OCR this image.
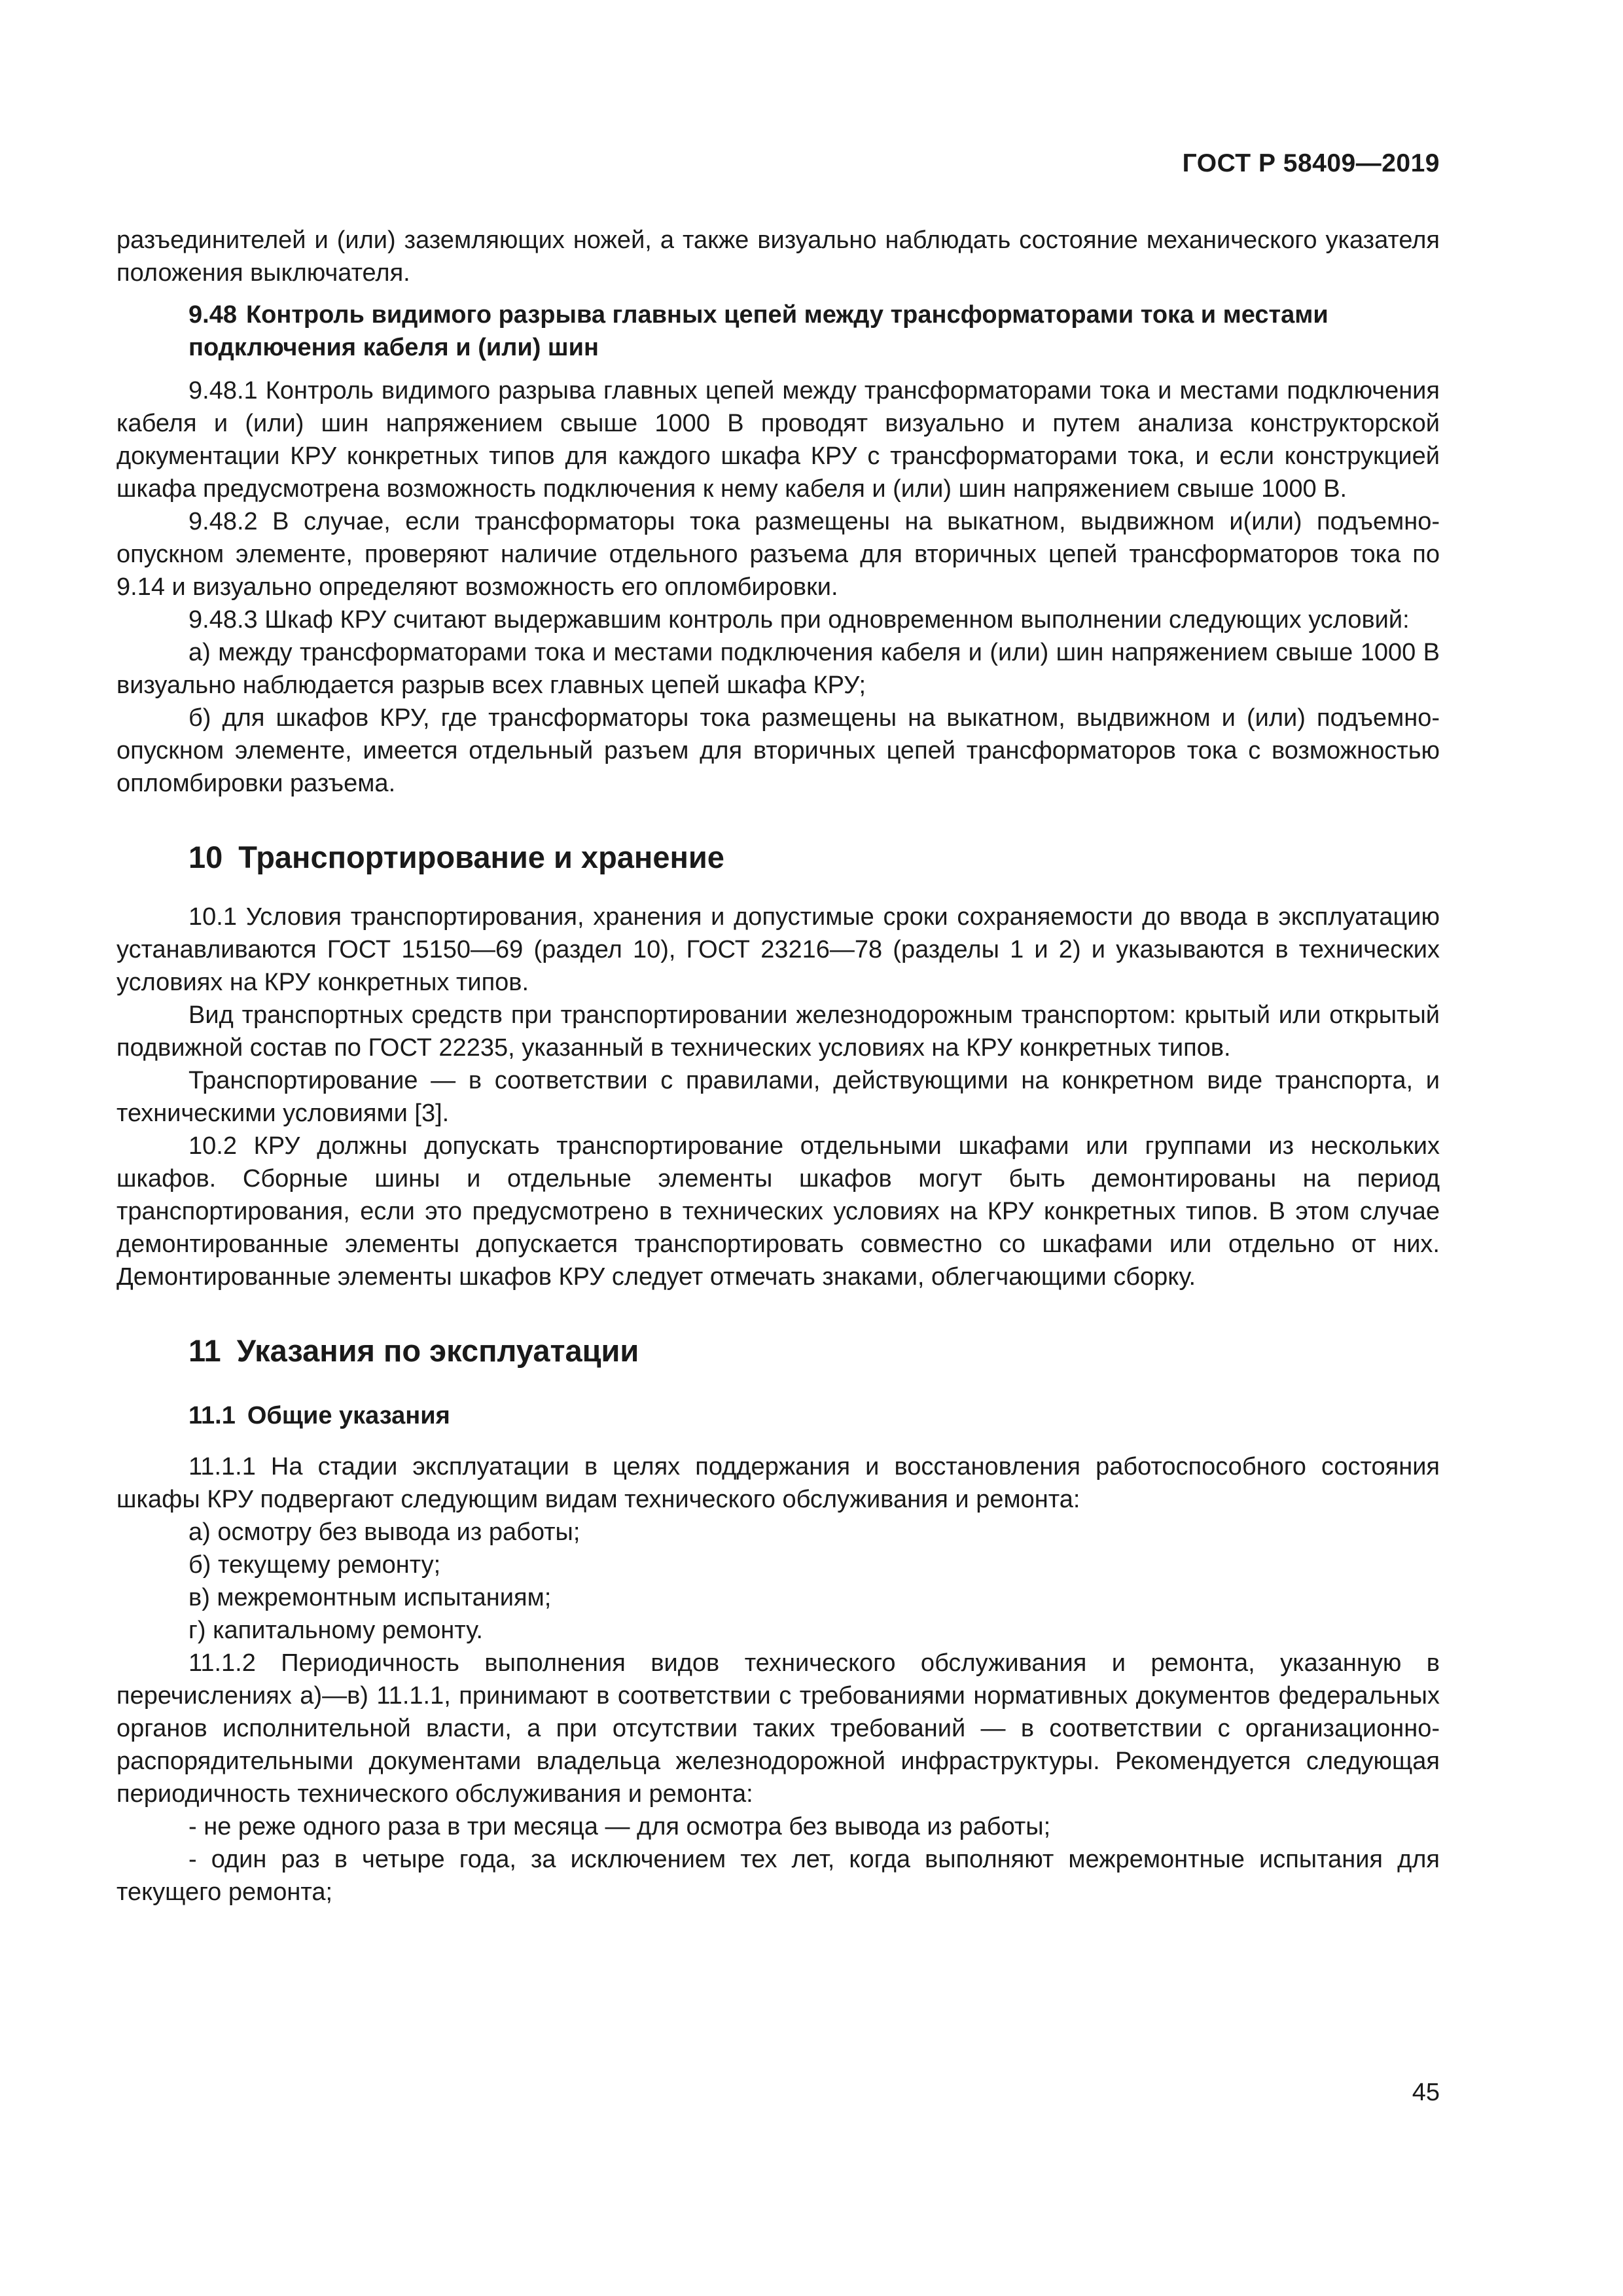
ГОСТ Р 58409—2019

разъединителей и (или) заземляющих ножей, а также визуально наблюдать состояние механического указателя положения выключателя.

9.48 Контроль видимого разрыва главных цепей между трансформаторами тока и местами подключения кабеля и (или) шин

9.48.1 Контроль видимого разрыва главных цепей между трансформаторами тока и местами подключения кабеля и (или) шин напряжением свыше 1000 В проводят визуально и путем анализа конструкторской документации КРУ конкретных типов для каждого шкафа КРУ с трансформаторами тока, и если конструкцией шкафа предусмотрена возможность подключения к нему кабеля и (или) шин напряжением свыше 1000 В.

9.48.2 В случае, если трансформаторы тока размещены на выкатном, выдвижном и(или) подъемно-опускном элементе, проверяют наличие отдельного разъема для вторичных цепей трансформаторов тока по 9.14 и визуально определяют возможность его опломбировки.

9.48.3 Шкаф КРУ считают выдержавшим контроль при одновременном выполнении следующих условий:

а) между трансформаторами тока и местами подключения кабеля и (или) шин напряжением свыше 1000 В визуально наблюдается разрыв всех главных цепей шкафа КРУ;

б) для шкафов КРУ, где трансформаторы тока размещены на выкатном, выдвижном и (или) подъемно-опускном элементе, имеется отдельный разъем для вторичных цепей трансформаторов тока с возможностью опломбировки разъема.

10 Транспортирование и хранение

10.1 Условия транспортирования, хранения и допустимые сроки сохраняемости до ввода в эксплуатацию устанавливаются ГОСТ 15150—69 (раздел 10), ГОСТ 23216—78 (разделы 1 и 2) и указываются в технических условиях на КРУ конкретных типов.

Вид транспортных средств при транспортировании железнодорожным транспортом: крытый или открытый подвижной состав по ГОСТ 22235, указанный в технических условиях на КРУ конкретных типов.

Транспортирование — в соответствии с правилами, действующими на конкретном виде транспорта, и техническими условиями [3].

10.2 КРУ должны допускать транспортирование отдельными шкафами или группами из нескольких шкафов. Сборные шины и отдельные элементы шкафов могут быть демонтированы на период транспортирования, если это предусмотрено в технических условиях на КРУ конкретных типов. В этом случае демонтированные элементы допускается транспортировать совместно со шкафами или отдельно от них. Демонтированные элементы шкафов КРУ следует отмечать знаками, облегчающими сборку.

11 Указания по эксплуатации
11.1 Общие указания

11.1.1 На стадии эксплуатации в целях поддержания и восстановления работоспособного состояния шкафы КРУ подвергают следующим видам технического обслуживания и ремонта:

а) осмотру без вывода из работы;

б) текущему ремонту;

в) межремонтным испытаниям;

г) капитальному ремонту.

11.1.2 Периодичность выполнения видов технического обслуживания и ремонта, указанную в перечислениях а)—в) 11.1.1, принимают в соответствии с требованиями нормативных документов федеральных органов исполнительной власти, а при отсутствии таких требований — в соответствии с организационно-распорядительными документами владельца железнодорожной инфраструктуры. Рекомендуется следующая периодичность технического обслуживания и ремонта:

- не реже одного раза в три месяца — для осмотра без вывода из работы;

- один раз в четыре года, за исключением тех лет, когда выполняют межремонтные испытания для текущего ремонта;

45
